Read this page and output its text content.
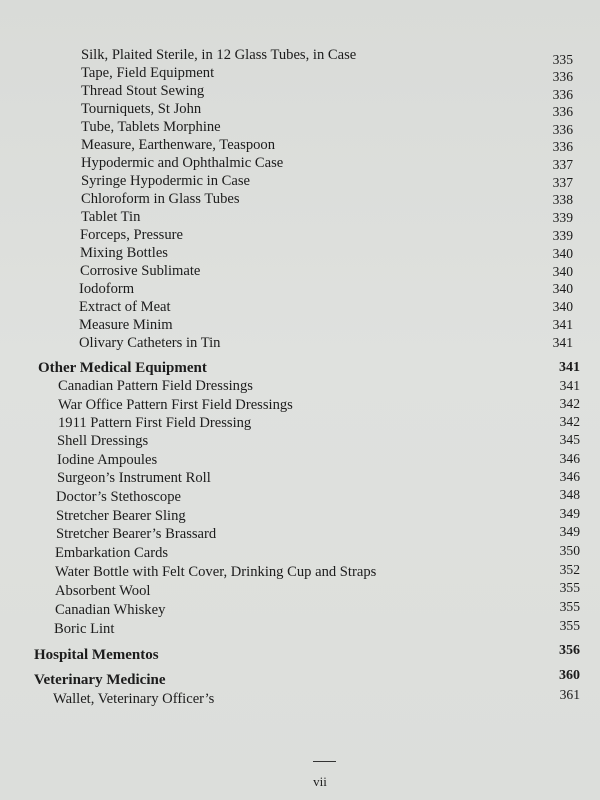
Silk, Plaited Sterile, in 12 Glass Tubes, in Case	335
Tape, Field Equipment	336
Thread Stout Sewing	336
Tourniquets, St John	336
Tube, Tablets Morphine	336
Measure, Earthenware, Teaspoon	336
Hypodermic and Ophthalmic Case	337
Syringe Hypodermic in Case	337
Chloroform in Glass Tubes	338
Tablet Tin	339
Forceps, Pressure	339
Mixing Bottles	340
Corrosive Sublimate	340
Iodoform	340
Extract of Meat	340
Measure Minim	341
Olivary Catheters in Tin	341
Other Medical Equipment	341
Canadian Pattern Field Dressings	341
War Office Pattern First Field Dressings	342
1911 Pattern First Field Dressing	342
Shell Dressings	345
Iodine Ampoules	346
Surgeon’s Instrument Roll	346
Doctor’s Stethoscope	348
Stretcher Bearer Sling	349
Stretcher Bearer’s Brassard	349
Embarkation Cards	350
Water Bottle with Felt Cover, Drinking Cup and Straps	352
Absorbent Wool	355
Canadian Whiskey	355
Boric Lint	355
Hospital Mementos	356
Veterinary Medicine	360
Wallet, Veterinary Officer’s	361
vii
